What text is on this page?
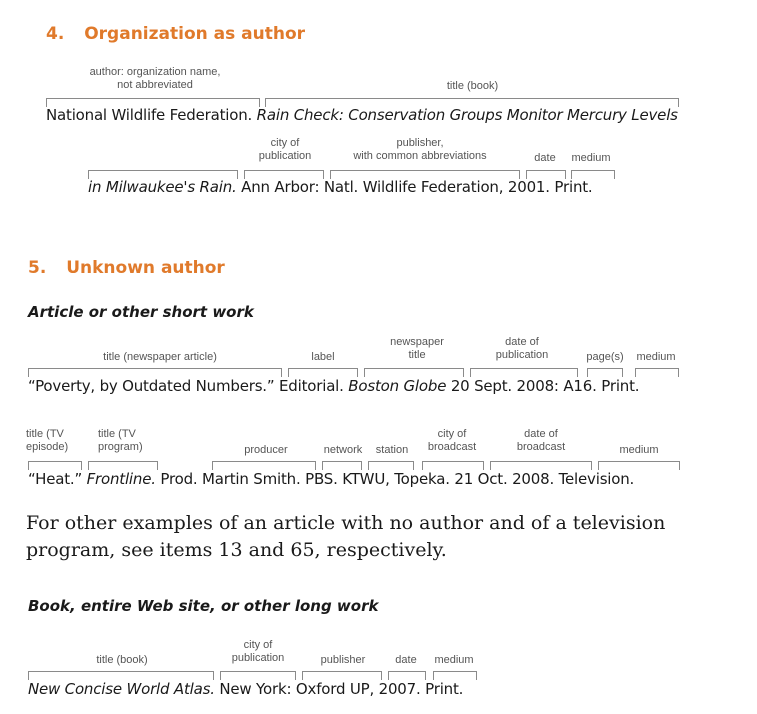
4. Organization as author
author: organization name,
not abbreviated	title (book)
National Wildlife Federation. Rain Check: Conservation Groups Monitor Mercury Levels
city of
publication
publisher,
with common abbreviations	date	medium
in Milwaukee's Rain. Ann Arbor: Natl. Wildlife Federation, 2001. Print.
5. Unknown author
Article or other short work
title (newspaper article)	label
newspaper
title
date of
publication	page(s)	medium
“Poverty, by Outdated Numbers.” Editorial. Boston Globe 20 Sept. 2008: A16. Print.
title (TV
episode)
title (TV
program)	producer	network	station
city of
broadcast
date of
broadcast	medium
“Heat.” Frontline. Prod. Martin Smith. PBS. KTWU, Topeka. 21 Oct. 2008. Television.
For other examples of an article with no author and of a television program, see items 13 and 65, respectively.
Book, entire Web site, or other long work
title (book)
city of
publication	publisher	date	medium
New Concise World Atlas. New York: Oxford UP, 2007. Print.
